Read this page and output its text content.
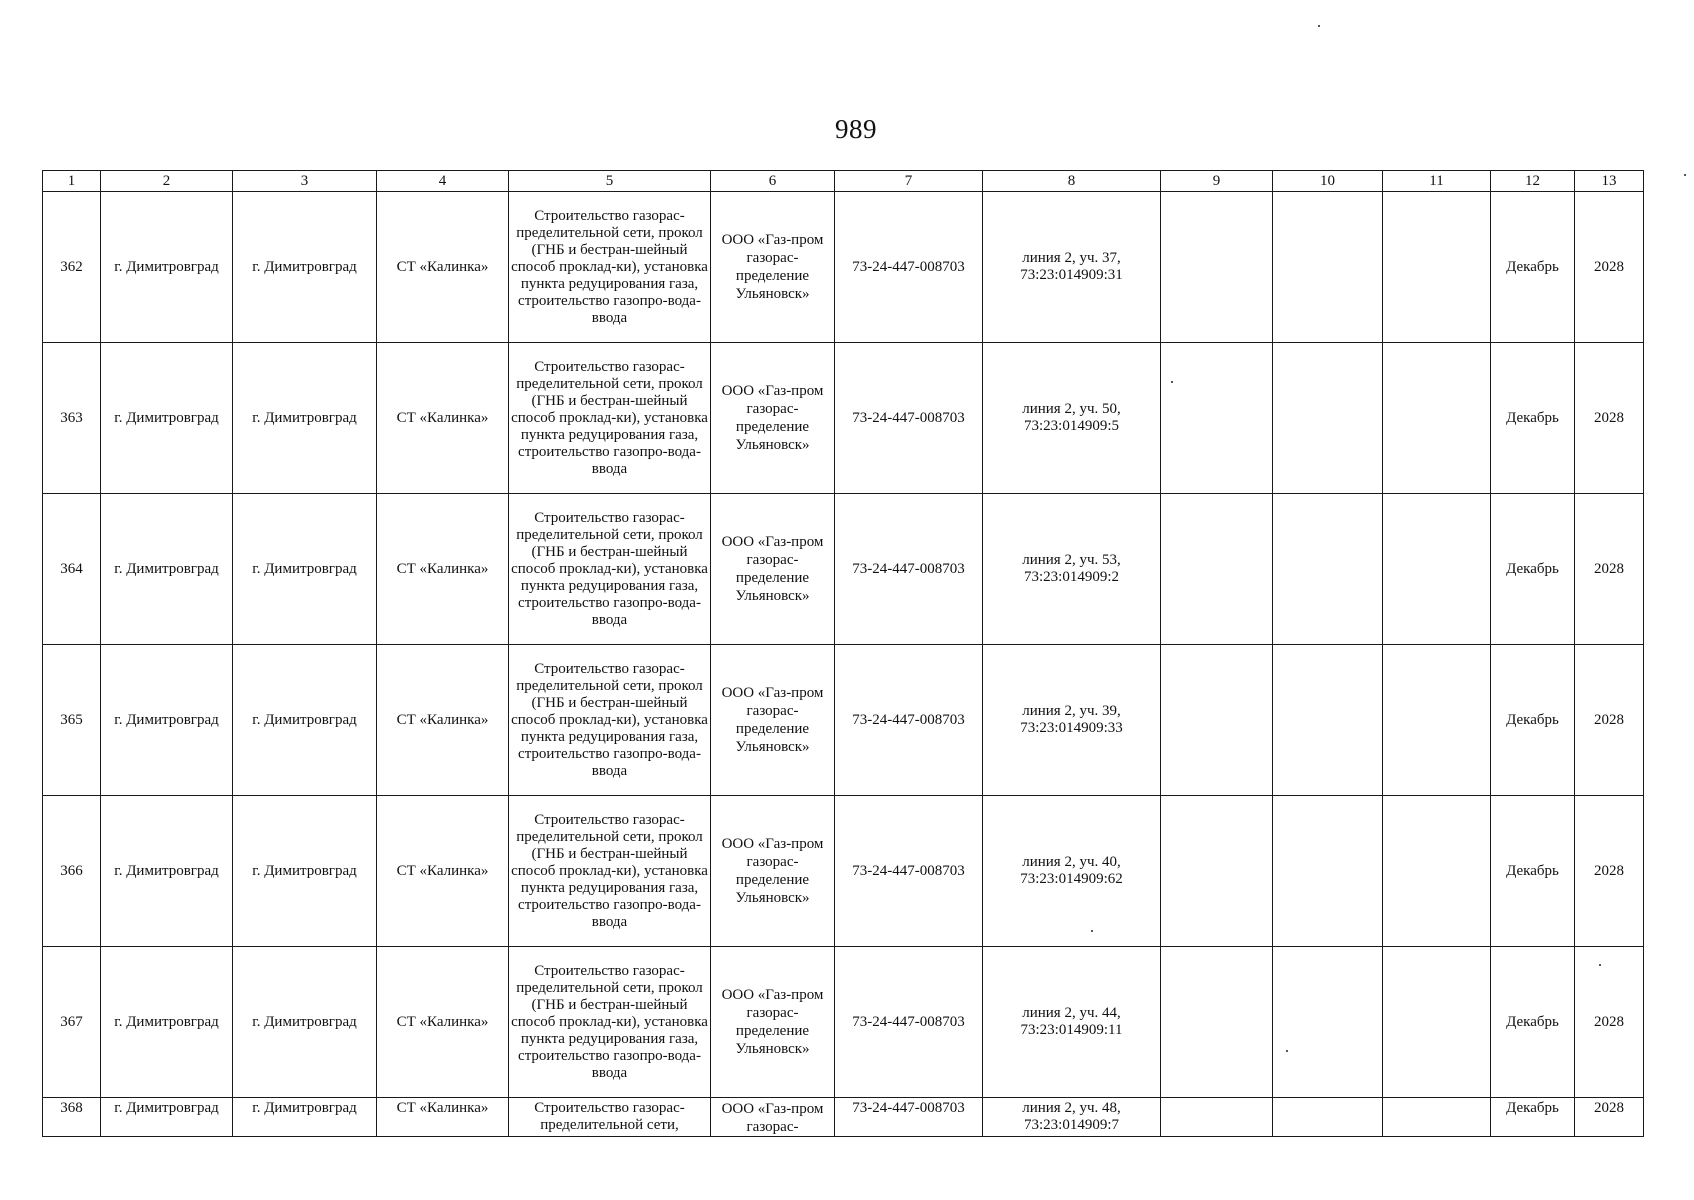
989
1	2	3	4	5	6	7	8	9	10	11	12	13
362	г. Димитровград	г. Димитровград	СТ «Калинка»	Строительство газорас-пределительной сети, прокол (ГНБ и бестран-шейный способ проклад-ки), установка пункта редуцирования газа, строительство газопро-вода-ввода	ООО «Газ-пром газорас-пределение Ульяновск»	73-24-447-008703	линия 2, уч. 37, 73:23:014909:31				Декабрь	2028
363	г. Димитровград	г. Димитровград	СТ «Калинка»	Строительство газорас-пределительной сети, прокол (ГНБ и бестран-шейный способ проклад-ки), установка пункта редуцирования газа, строительство газопро-вода-ввода	ООО «Газ-пром газорас-пределение Ульяновск»	73-24-447-008703	линия 2, уч. 50, 73:23:014909:5				Декабрь	2028
364	г. Димитровград	г. Димитровград	СТ «Калинка»	Строительство газорас-пределительной сети, прокол (ГНБ и бестран-шейный способ проклад-ки), установка пункта редуцирования газа, строительство газопро-вода-ввода	ООО «Газ-пром газорас-пределение Ульяновск»	73-24-447-008703	линия 2, уч. 53, 73:23:014909:2				Декабрь	2028
365	г. Димитровград	г. Димитровград	СТ «Калинка»	Строительство газорас-пределительной сети, прокол (ГНБ и бестран-шейный способ проклад-ки), установка пункта редуцирования газа, строительство газопро-вода-ввода	ООО «Газ-пром газорас-пределение Ульяновск»	73-24-447-008703	линия 2, уч. 39, 73:23:014909:33				Декабрь	2028
366	г. Димитровград	г. Димитровград	СТ «Калинка»	Строительство газорас-пределительной сети, прокол (ГНБ и бестран-шейный способ проклад-ки), установка пункта редуцирования газа, строительство газопро-вода-ввода	ООО «Газ-пром газорас-пределение Ульяновск»	73-24-447-008703	линия 2, уч. 40, 73:23:014909:62				Декабрь	2028
367	г. Димитровград	г. Димитровград	СТ «Калинка»	Строительство газорас-пределительной сети, прокол (ГНБ и бестран-шейный способ проклад-ки), установка пункта редуцирования газа, строительство газопро-вода-ввода	ООО «Газ-пром газорас-пределение Ульяновск»	73-24-447-008703	линия 2, уч. 44, 73:23:014909:11				Декабрь	2028
368	г. Димитровград	г. Димитровград	СТ «Калинка»	Строительство газорас-пределительной сети,	ООО «Газ-пром газорас-	73-24-447-008703	линия 2, уч. 48, 73:23:014909:7				Декабрь	2028
